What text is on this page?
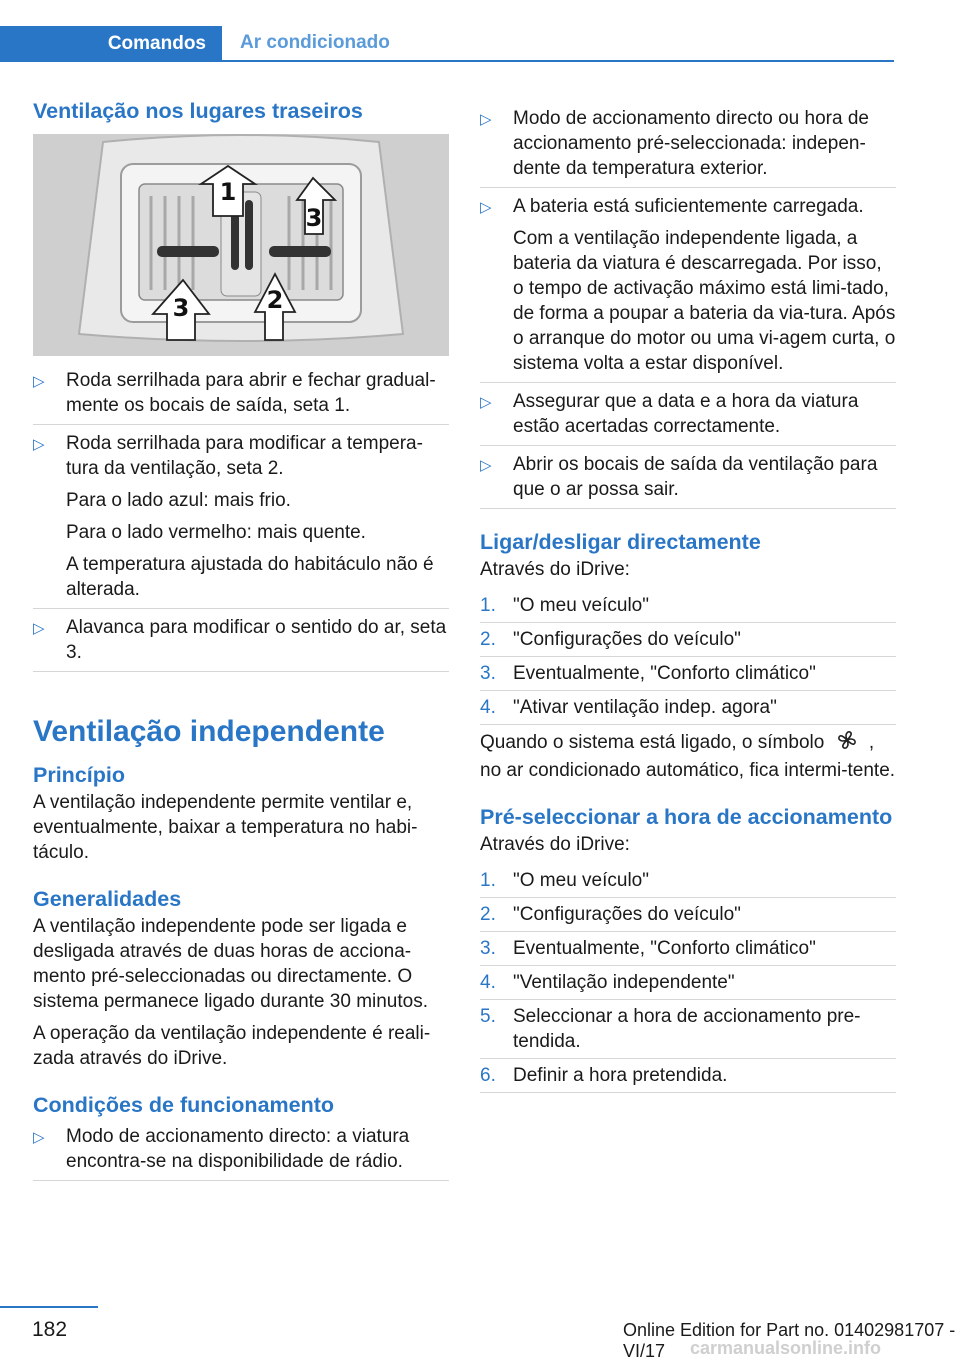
Comandos	Ar condicionado
Ventilação nos lugares traseiros
1
2
3
3
▷ Roda serrilhada para abrir e fechar gradual-mente os bocais de saída, seta 1.
▷ Roda serrilhada para modificar a tempera-tura da ventilação, seta 2.
Para o lado azul: mais frio.
Para o lado vermelho: mais quente.
A temperatura ajustada do habitáculo não é alterada.
▷ Alavanca para modificar o sentido do ar, seta 3.
Ventilação independente
Princípio

A ventilação independente permite ventilar e, eventualmente, baixar a temperatura no habi-táculo.

Generalidades

A ventilação independente pode ser ligada e desligada através de duas horas de acciona-mento pré-seleccionadas ou directamente. O sistema permanece ligado durante 30 minutos.

A operação da ventilação independente é reali-zada através do iDrive.

Condições de funcionamento
▷ Modo de accionamento directo: a viatura encontra-se na disponibilidade de rádio.
▷ Modo de accionamento directo ou hora de accionamento pré-seleccionada: indepen-dente da temperatura exterior.
▷ A bateria está suficientemente carregada.
Com a ventilação independente ligada, a bateria da viatura é descarregada. Por isso, o tempo de activação máximo está limi-tado, de forma a poupar a bateria da via-tura. Após o arranque do motor ou uma vi-agem curta, o sistema volta a estar disponível.
▷ Assegurar que a data e a hora da viatura estão acertadas correctamente.
▷ Abrir os bocais de saída da ventilação para que o ar possa sair.
Ligar/desligar directamente

Através do iDrive:

1. "O meu veículo"
2. "Configurações do veículo"
3. Eventualmente, "Conforto climático"
4. "Ativar ventilação indep. agora"

Quando o sistema está ligado, o símbolo , no ar condicionado automático, fica intermi-tente.

Pré-seleccionar a hora de accionamento

Através do iDrive:

1. "O meu veículo"
2. "Configurações do veículo"
3. Eventualmente, "Conforto climático"
4. "Ventilação independente"
5. Seleccionar a hora de accionamento pre-tendida.
6. Definir a hora pretendida.
182	Online Edition for Part no. 01402981707 - VI/17	carmanualsonline.info
